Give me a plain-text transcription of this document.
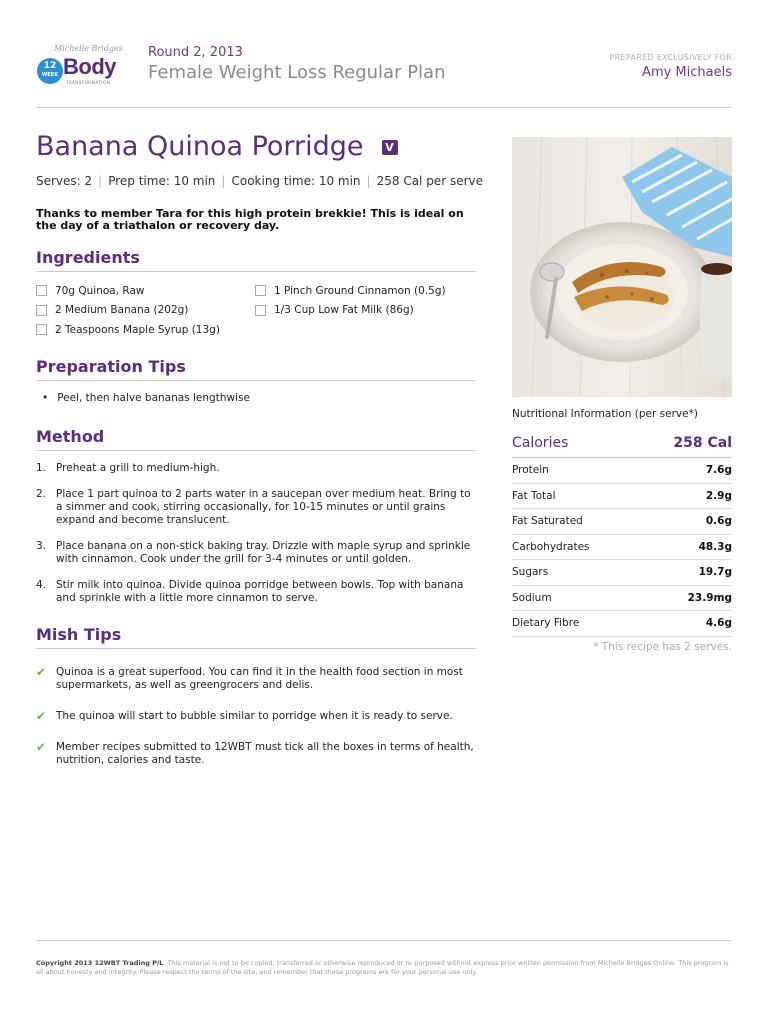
Michelle Bridges
12
WEEK Body
TRANSFORMATION
Round 2, 2013
Female Weight Loss Regular Plan
PREPARED EXCLUSIVELY FOR
Amy Michaels
Banana Quinoa Porridge V
Serves: 2 | Prep time: 10 min | Cooking time: 10 min | 258 Cal per serve

Thanks to member Tara for this high protein brekkie! This is ideal on the day of a triathalon or recovery day.

Ingredients
70g Quinoa, Raw
2 Medium Banana (202g)
2 Teaspoons Maple Syrup (13g)
1 Pinch Ground Cinnamon (0.5g)
1/3 Cup Low Fat Milk (86g)
Preparation Tips
• Peel, then halve bananas lengthwise
Method
1. Preheat a grill to medium-high.
2. Place 1 part quinoa to 2 parts water in a saucepan over medium heat. Bring to a simmer and cook, stirring occasionally, for 10-15 minutes or until grains expand and become translucent.
3. Place banana on a non-stick baking tray. Drizzle with maple syrup and sprinkle with cinnamon. Cook under the grill for 3-4 minutes or until golden.
4. Stir milk into quinoa. Divide quinoa porridge between bowls. Top with banana and sprinkle with a little more cinnamon to serve.
Mish Tips
✔ Quinoa is a great superfood. You can find it in the health food section in most supermarkets, as well as greengrocers and delis.
✔ The quinoa will start to bubble similar to porridge when it is ready to serve.
✔ Member recipes submitted to 12WBT must tick all the boxes in terms of health, nutrition, calories and taste.
Nutritional Information (per serve*)
Calories	258 Cal
Protein	7.6g
Fat Total	2.9g
Fat Saturated	0.6g
Carbohydrates	48.3g
Sugars	19.7g
Sodium	23.9mg
Dietary Fibre	4.6g
* This recipe has 2 serves.
Copyright 2013 12WBT Trading P/L This material is not to be copied, transferred or otherwise reproduced or re-purposed without express prior written permission from Michelle Bridges Online. This program is all about honesty and integrity. Please respect the terms of the site, and remember that these programs are for your personal use only.
